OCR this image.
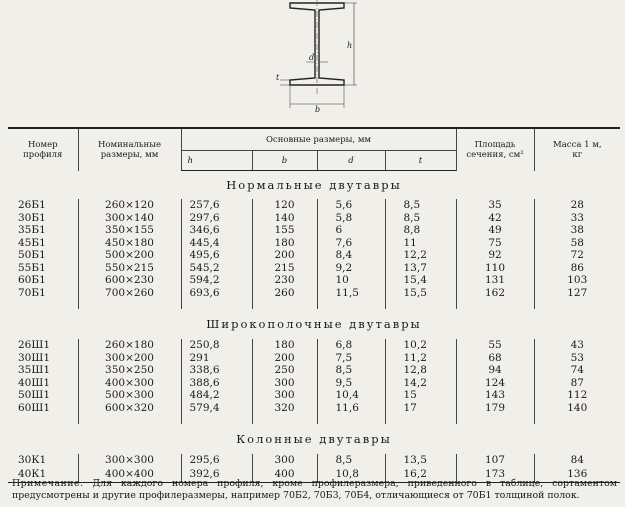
h
d
b
t
Номер
профиля	Номинальные
размеры, мм	Основные размеры, мм				Площадь
сечения, см²	Масса 1 м,
кг
		h	b	d	t		
Нормальные двутавры							
26Б1	260×120	257,6	120	5,6	8,5	35	28
30Б1	300×140	297,6	140	5,8	8,5	42	33
35Б1	350×155	346,6	155	6	8,8	49	38
45Б1	450×180	445,4	180	7,6	11	75	58
50Б1	500×200	495,6	200	8,4	12,2	92	72
55Б1	550×215	545,2	215	9,2	13,7	110	86
60Б1	600×230	594,2	230	10	15,4	131	103
70Б1	700×260	693,6	260	11,5	15,5	162	127

Широкополочные двутавры							
26Ш1	260×180	250,8	180	6,8	10,2	55	43
30Ш1	300×200	291	200	7,5	11,2	68	53
35Ш1	350×250	338,6	250	8,5	12,8	94	74
40Ш1	400×300	388,6	300	9,5	14,2	124	87
50Ш1	500×300	484,2	300	10,4	15	143	112
60Ш1	600×320	579,4	320	11,6	17	179	140

Колонные двутавры							
30К1	300×300	295,6	300	8,5	13,5	107	84
40К1	400×400	392,6	400	10,8	16,2	173	136
Примечание. Для каждого номера профиля, кроме профилеразмера, приведенного в таблице, сортаментом предусмотрены и другие профилеразмеры, например 70Б2, 70Б3, 70Б4, отличающиеся от 70Б1 толщиной полок.
